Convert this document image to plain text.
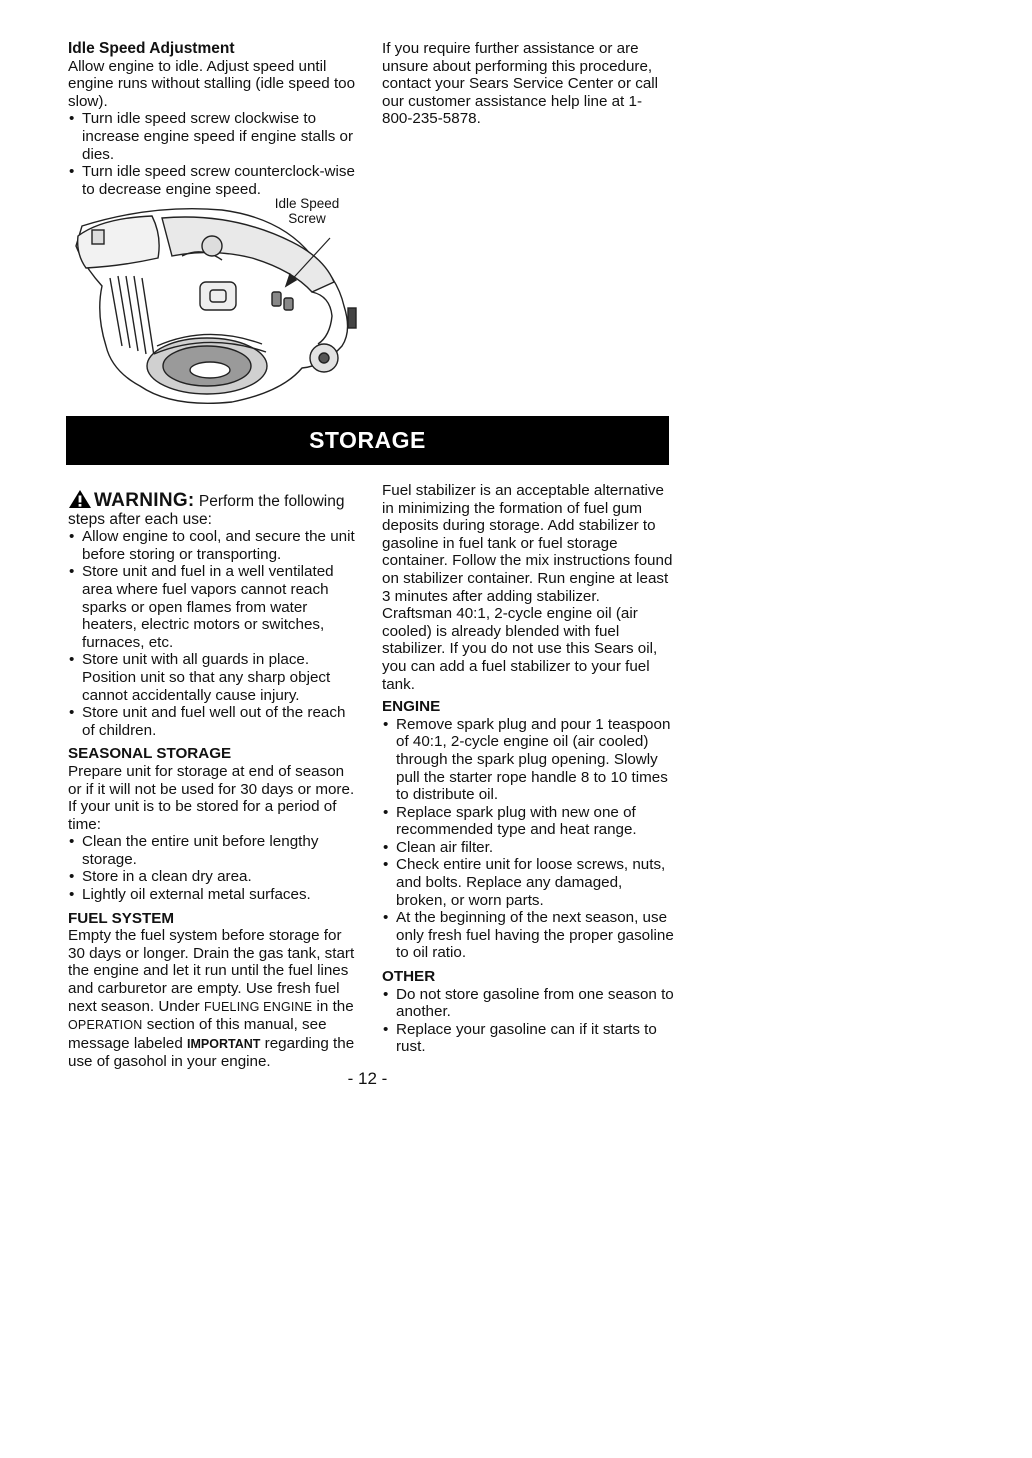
Idle Speed Adjustment

Allow engine to idle. Adjust speed until engine runs without stalling (idle speed too slow).

• Turn idle speed screw clockwise to increase engine speed if engine stalls or dies.
• Turn idle speed screw counterclock-wise to decrease engine speed.
Idle Speed
Screw

If you require further assistance or are unsure about performing this procedure, contact your Sears Service Center or call our customer assistance help line at 1-800-235-5878.

STORAGE

WARNING: Perform the following steps after each use:

• Allow engine to cool, and secure the unit before storing or transporting.
• Store unit and fuel in a well ventilated area where fuel vapors cannot reach sparks or open flames from water heaters, electric motors or switches, furnaces, etc.
• Store unit with all guards in place. Position unit so that any sharp object cannot accidentally cause injury.
• Store unit and fuel well out of the reach of children.

SEASONAL STORAGE

Prepare unit for storage at end of season or if it will not be used for 30 days or more. If your unit is to be stored for a period of time:

• Clean the entire unit before lengthy storage.
• Store in a clean dry area.
• Lightly oil external metal surfaces.

FUEL SYSTEM

Empty the fuel system before storage for 30 days or longer. Drain the gas tank, start the engine and let it run until the fuel lines and carburetor are empty. Use fresh fuel next season. Under FUELING ENGINE in the OPERATION section of this manual, see message labeled IMPORTANT regarding the use of gasohol in your engine.

Fuel stabilizer is an acceptable alternative in minimizing the formation of fuel gum deposits during storage. Add stabilizer to gasoline in fuel tank or fuel storage container. Follow the mix instructions found on stabilizer container. Run engine at least 3 minutes after adding stabilizer.

Craftsman 40:1, 2-cycle engine oil (air cooled) is already blended with fuel stabilizer. If you do not use this Sears oil, you can add a fuel stabilizer to your fuel tank.

ENGINE

• Remove spark plug and pour 1 teaspoon of 40:1, 2-cycle engine oil (air cooled) through the spark plug opening. Slowly pull the starter rope handle 8 to 10 times to distribute oil.
• Replace spark plug with new one of recommended type and heat range.
• Clean air filter.
• Check entire unit for loose screws, nuts, and bolts. Replace any damaged, broken, or worn parts.
• At the beginning of the next season, use only fresh fuel having the proper gasoline to oil ratio.

OTHER

• Do not store gasoline from one season to another.
• Replace your gasoline can if it starts to rust.
- 12 -
